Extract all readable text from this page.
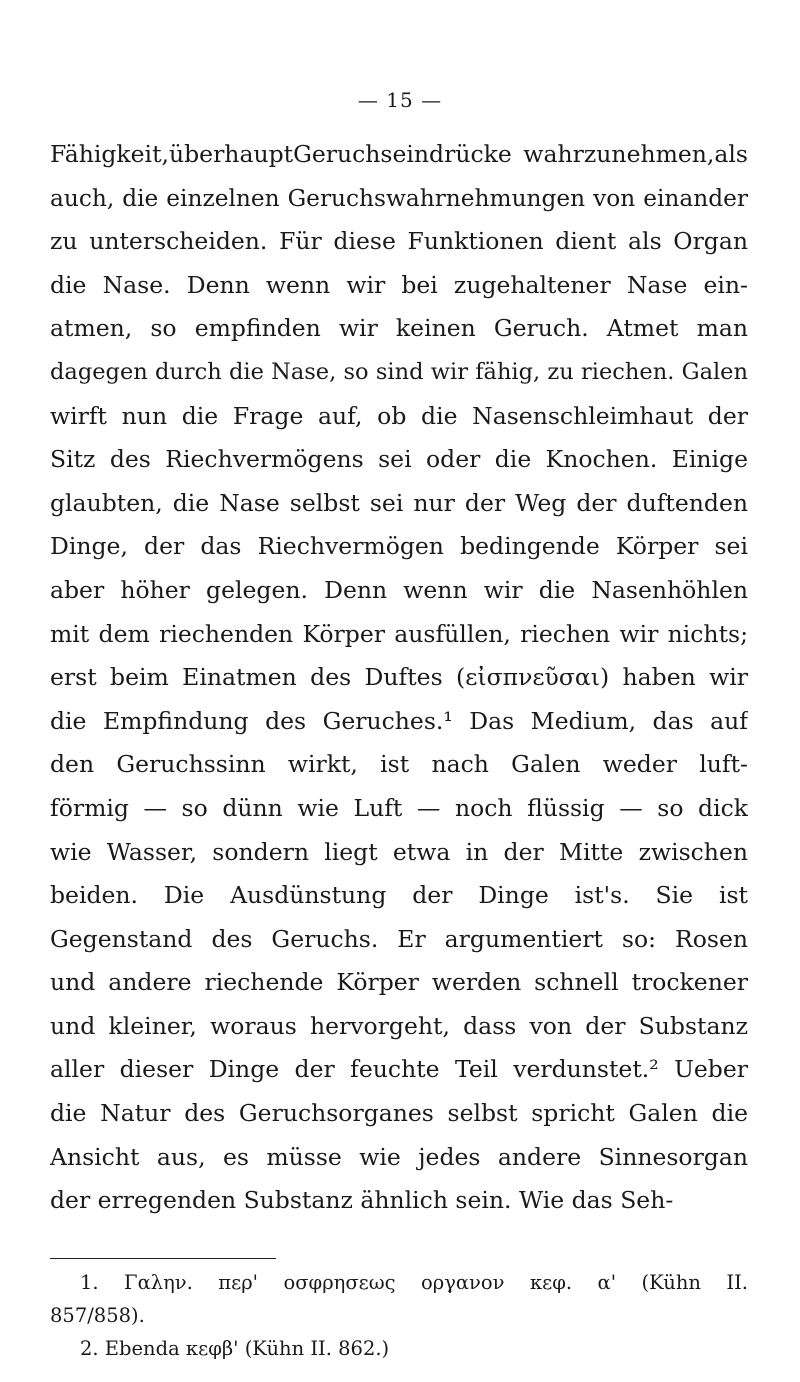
— 15 —
Fähigkeit,überhauptGeruchseindrücke wahrzunehmen,als
auch, die einzelnen Geruchswahrnehmungen von einander
zu unterscheiden. Für diese Funktionen dient als Organ
die Nase. Denn wenn wir bei zugehaltener Nase ein-
atmen, so empfinden wir keinen Geruch. Atmet man
dagegen durch die Nase, so sind wir fähig, zu riechen. Galen
wirft nun die Frage auf, ob die Nasenschleimhaut der
Sitz des Riechvermögens sei oder die Knochen. Einige
glaubten, die Nase selbst sei nur der Weg der duftenden
Dinge, der das Riechvermögen bedingende Körper sei
aber höher gelegen. Denn wenn wir die Nasenhöhlen
mit dem riechenden Körper ausfüllen, riechen wir nichts;
erst beim Einatmen des Duftes (εἰσπνεῦσαι) haben wir
die Empfindung des Geruches.¹ Das Medium, das auf
den Geruchssinn wirkt, ist nach Galen weder luft-
förmig — so dünn wie Luft — noch flüssig — so dick
wie Wasser, sondern liegt etwa in der Mitte zwischen
beiden. Die Ausdünstung der Dinge ist's. Sie ist
Gegenstand des Geruchs. Er argumentiert so: Rosen
und andere riechende Körper werden schnell trockener
und kleiner, woraus hervorgeht, dass von der Substanz
aller dieser Dinge der feuchte Teil verdunstet.² Ueber
die Natur des Geruchsorganes selbst spricht Galen die
Ansicht aus, es müsse wie jedes andere Sinnesorgan
der erregenden Substanz ähnlich sein. Wie das Seh-
1. Γαλην. περ' οσφρησεως οργανον κεφ. α' (Kühn II.
857/858).
2. Ebenda κεφβ' (Kühn II. 862.)
